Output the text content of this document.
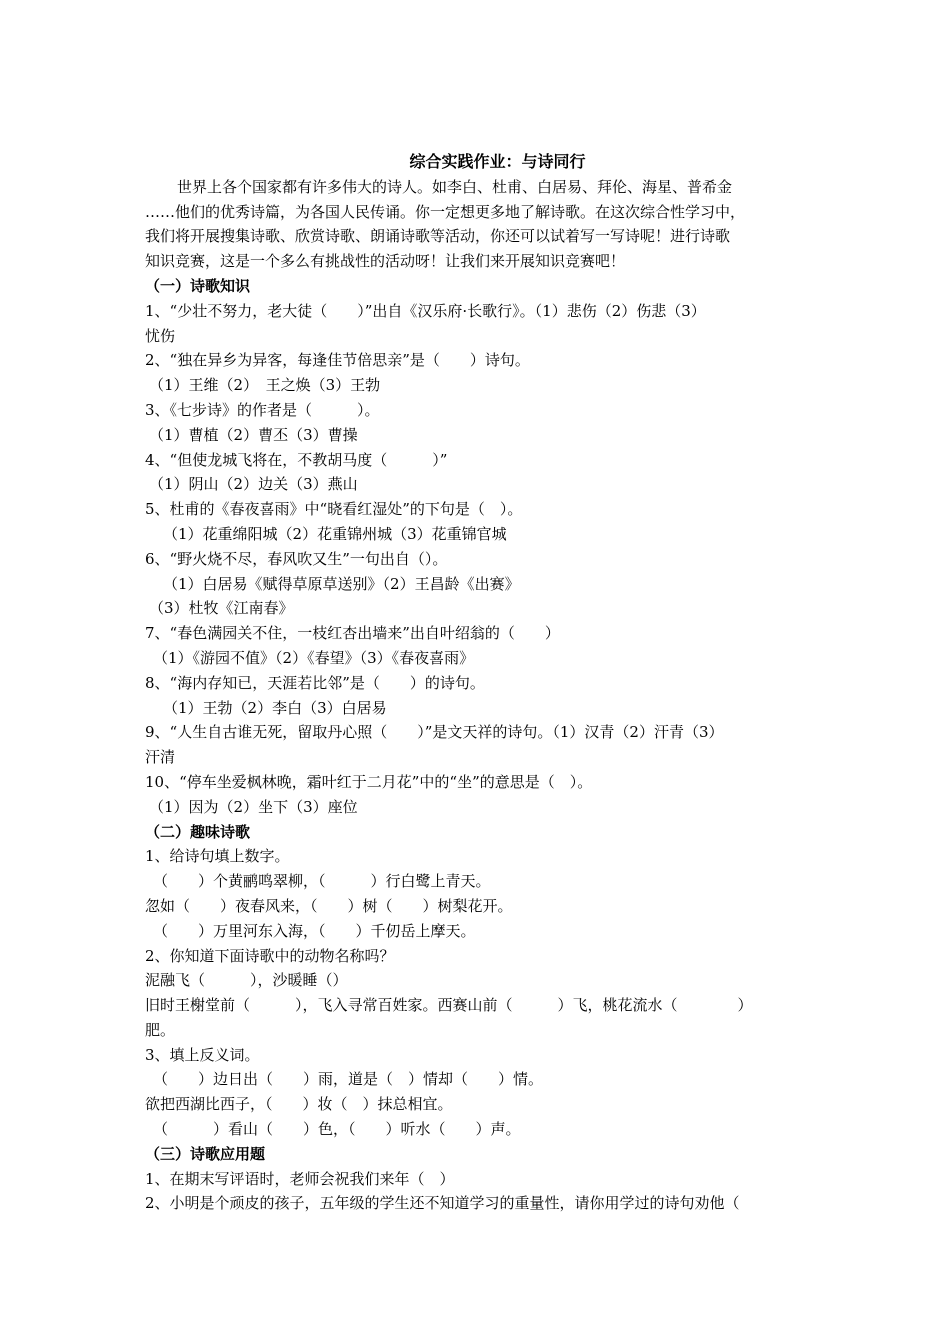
综合实践作业：与诗同行
世界上各个国家都有许多伟大的诗人。如李白、杜甫、白居易、拜伦、海星、普希金
……他们的优秀诗篇，为各国人民传诵。你一定想更多地了解诗歌。在这次综合性学习中，
我们将开展搜集诗歌、欣赏诗歌、朗诵诗歌等活动，你还可以试着写一写诗呢！进行诗歌
知识竞赛，这是一个多么有挑战性的活动呀！让我们来开展知识竞赛吧！
（一）诗歌知识
1、“少壮不努力，老大徒（　　）”出自《汉乐府·长歌行》。（1）悲伤（2）伤悲（3）
忧伤
2、“独在异乡为异客，每逢佳节倍思亲”是（　　）诗句。
（1）王维（2）　王之焕（3）王勃
3、《七步诗》的作者是（　　　）。
（1）曹植（2）曹丕（3）曹操
4、“但使龙城飞将在，不教胡马度（　　　）”
（1）阴山（2）边关（3）燕山
5、杜甫的《春夜喜雨》中“晓看红湿处”的下句是（　）。
（1）花重绵阳城（2）花重锦州城（3）花重锦官城
6、“野火烧不尽，春风吹又生”一句出自（）。
（1）白居易《赋得草原草送别》（2）王昌龄《出赛》
（3）杜牧《江南春》
7、“春色满园关不住，一枝红杏出墙来”出自叶绍翁的（　　）
（1）《游园不值》（2）《春望》（3）《春夜喜雨》
8、“海内存知已，天涯若比邻”是（　　）的诗句。
（1）王勃（2）李白（3）白居易
9、“人生自古谁无死，留取丹心照（　　）”是文天祥的诗句。（1）汉青（2）汗青（3）
汗清
10、“停车坐爱枫林晚，霜叶红于二月花”中的“坐”的意思是（　）。
（1）因为（2）坐下（3）座位
（二）趣味诗歌
1、给诗句填上数字。
（　　）个黄鹂鸣翠柳，（　　　）行白鹭上青天。
忽如（　　）夜春风来，（　　）树（　　）树梨花开。
（　　）万里河东入海，（　　）千仞岳上摩天。
2、你知道下面诗歌中的动物名称吗？
泥融飞（　　　），沙暖睡（）
旧时王榭堂前（　　　），飞入寻常百姓家。西赛山前（　　　）飞，桃花流水（　　　　）
肥。
3、填上反义词。
（　　）边日出（　　）雨，道是（　）情却（　　）情。
欲把西湖比西子，（　　）妆（　）抹总相宜。
（　　　）看山（　　）色，（　　）听水（　　）声。
（三）诗歌应用题
1、在期末写评语时，老师会祝我们来年（　）
2、小明是个顽皮的孩子，五年级的学生还不知道学习的重量性，请你用学过的诗句劝他（
